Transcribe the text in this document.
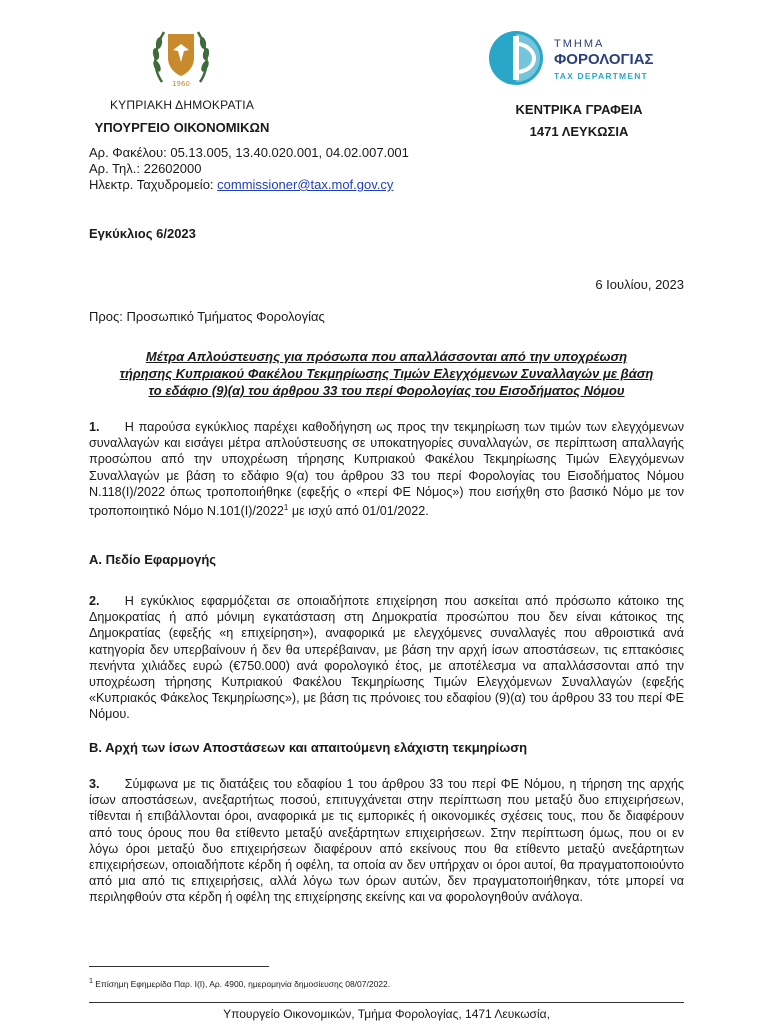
1960
ΚΥΠΡΙΑΚΗ ΔΗΜΟΚΡΑΤΙΑ
ΥΠΟΥΡΓΕΙΟ ΟΙΚΟΝΟΜΙΚΩΝ
ΤΜΗΜΑ
ΦΟΡΟΛΟΓΙΑΣ
TAX DEPARTMENT
ΚΕΝΤΡΙΚΑ ΓΡΑΦΕΙΑ
1471 ΛΕΥΚΩΣΙΑ
Αρ. Φακέλου: 05.13.005, 13.40.020.001, 04.02.007.001
Αρ. Τηλ.: 22602000
Ηλεκτρ. Ταχυδρομείο: commissioner@tax.mof.gov.cy
Εγκύκλιος 6/2023
6 Ιουλίου, 2023
Προς: Προσωπικό Τμήματος Φορολογίας
Μέτρα Απλούστευσης για πρόσωπα που απαλλάσσονται από την υποχρέωση
τήρησης Κυπριακού Φακέλου Τεκμηρίωσης Τιμών Ελεγχόμενων Συναλλαγών με βάση
το εδάφιο (9)(α) του άρθρου 33 του περί Φορολογίας του Εισοδήματος Νόμου
1.   Η παρούσα εγκύκλιος παρέχει καθοδήγηση ως προς την τεκμηρίωση των τιμών των ελεγχόμενων συναλλαγών και εισάγει μέτρα απλούστευσης σε υποκατηγορίες συναλλαγών, σε περίπτωση απαλλαγής προσώπου από την υποχρέωση τήρησης Κυπριακού Φακέλου Τεκμηρίωσης Τιμών Ελεγχόμενων Συναλλαγών με βάση το εδάφιο 9(α) του άρθρου 33 του περί Φορολογίας του Εισοδήματος Νόμου Ν.118(Ι)/2022 όπως τροποποιήθηκε (εφεξής ο «περί ΦΕ Νόμος») που εισήχθη στο βασικό Νόμο με τον τροποποιητικό Νόμο Ν.101(Ι)/2022$^1$ με ισχύ από 01/01/2022.
Α. Πεδίο Εφαρμογής
2.   Η εγκύκλιος εφαρμόζεται σε οποιαδήποτε επιχείρηση που ασκείται από πρόσωπο κάτοικο της Δημοκρατίας ή από μόνιμη εγκατάσταση στη Δημοκρατία προσώπου που δεν είναι κάτοικος της Δημοκρατίας (εφεξής «η επιχείρηση»), αναφορικά με ελεγχόμενες συναλλαγές που αθροιστικά ανά κατηγορία δεν υπερβαίνουν ή δεν θα υπερέβαιναν, με βάση την αρχή ίσων αποστάσεων, τις επτακόσιες πενήντα χιλιάδες ευρώ (€750.000) ανά φορολογικό έτος, με αποτέλεσμα να απαλλάσσονται από την υποχρέωση τήρησης Κυπριακού Φακέλου Τεκμηρίωσης Τιμών Ελεγχόμενων Συναλλαγών (εφεξής «Κυπριακός Φάκελος Τεκμηρίωσης»), με βάση τις πρόνοιες του εδαφίου (9)(α) του άρθρου 33 του περί ΦΕ Νόμου.
Β. Αρχή των ίσων Αποστάσεων και απαιτούμενη ελάχιστη τεκμηρίωση
3.   Σύμφωνα με τις διατάξεις του εδαφίου 1 του άρθρου 33 του περί ΦΕ Νόμου, η τήρηση της αρχής ίσων αποστάσεων, ανεξαρτήτως ποσού, επιτυγχάνεται στην περίπτωση που μεταξύ δυο επιχειρήσεων, τίθενται ή επιβάλλονται όροι, αναφορικά με τις εμπορικές ή οικονομικές σχέσεις τους, που δε διαφέρουν από τους όρους που θα ετίθεντο μεταξύ ανεξάρτητων επιχειρήσεων. Στην περίπτωση όμως, που οι εν λόγω όροι μεταξύ δυο επιχειρήσεων διαφέρουν από εκείνους που θα ετίθεντο μεταξύ ανεξάρτητων επιχειρήσεων, οποιαδήποτε κέρδη ή οφέλη, τα οποία αν δεν υπήρχαν οι όροι αυτοί, θα πραγματοποιούντο από μια από τις επιχειρήσεις, αλλά λόγω των όρων αυτών, δεν πραγματοποιήθηκαν, τότε μπορεί να περιληφθούν στα κέρδη ή οφέλη της επιχείρησης εκείνης και να φορολογηθούν ανάλογα.
$^1$ Επίσημη Εφημερίδα Παρ. Ι(Ι), Αρ. 4900, ημερομηνία δημοσίευσης 08/07/2022.
Υπουργείο Οικονομικών, Τμήμα Φορολογίας, 1471 Λευκωσία,
